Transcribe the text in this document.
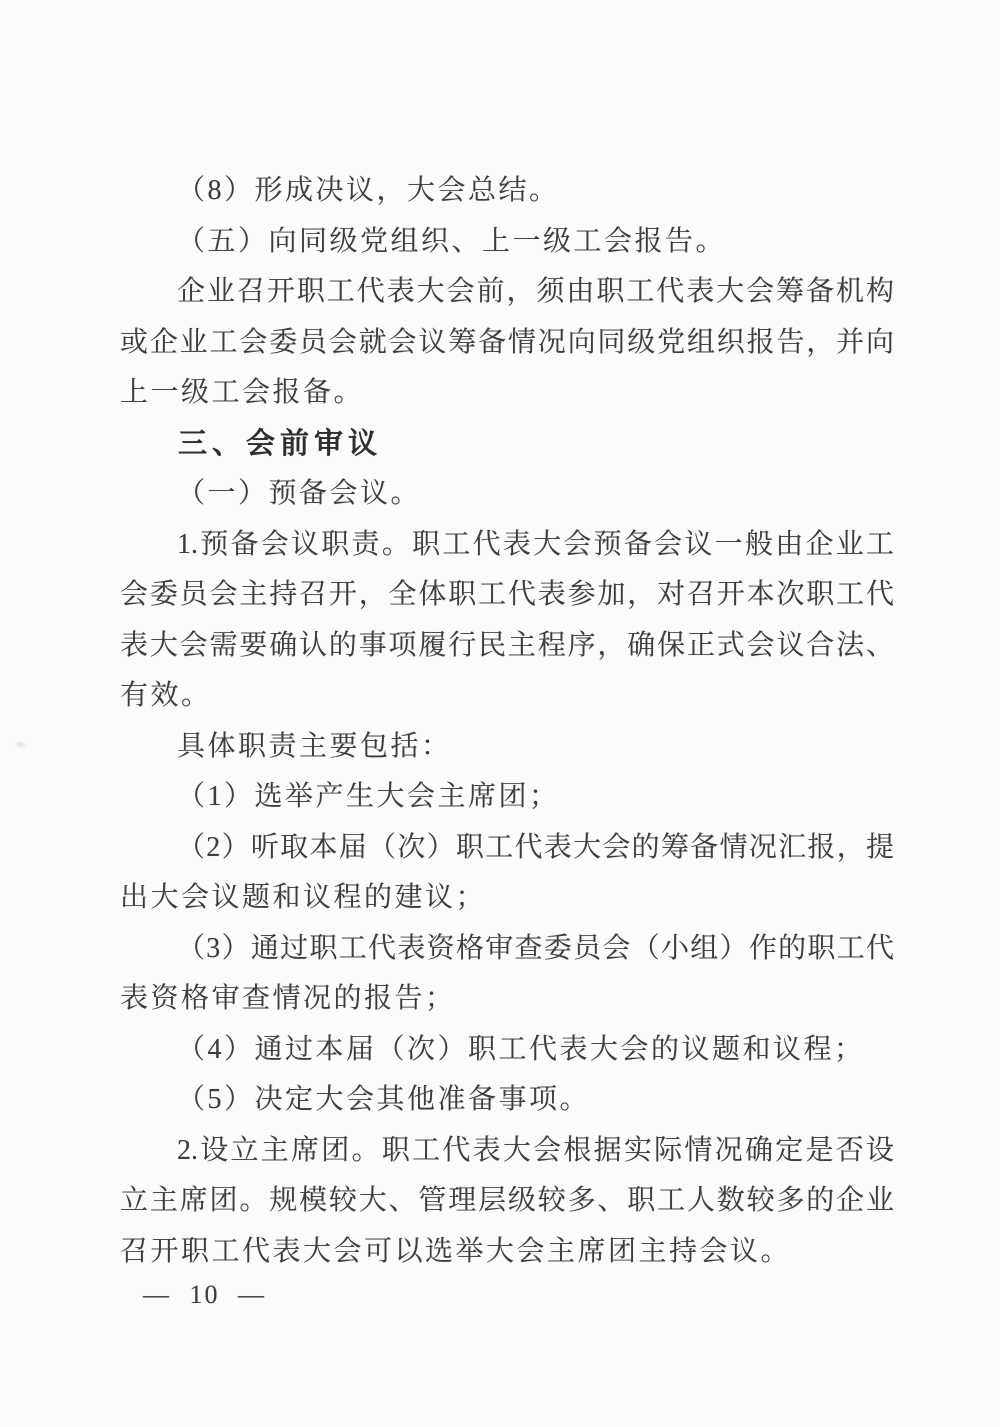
（8）形成决议，大会总结。
（五）向同级党组织、上一级工会报告。
企业召开职工代表大会前，须由职工代表大会筹备机构
或企业工会委员会就会议筹备情况向同级党组织报告，并向
上一级工会报备。
三、会前审议
（一）预备会议。
1.预备会议职责。职工代表大会预备会议一般由企业工
会委员会主持召开，全体职工代表参加，对召开本次职工代
表大会需要确认的事项履行民主程序，确保正式会议合法、
有效。
具体职责主要包括：
（1）选举产生大会主席团；
（2）听取本届（次）职工代表大会的筹备情况汇报，提
出大会议题和议程的建议；
（3）通过职工代表资格审查委员会（小组）作的职工代
表资格审查情况的报告；
（4）通过本届（次）职工代表大会的议题和议程；
（5）决定大会其他准备事项。
2.设立主席团。职工代表大会根据实际情况确定是否设
立主席团。规模较大、管理层级较多、职工人数较多的企业
召开职工代表大会可以选举大会主席团主持会议。
— 10 —
